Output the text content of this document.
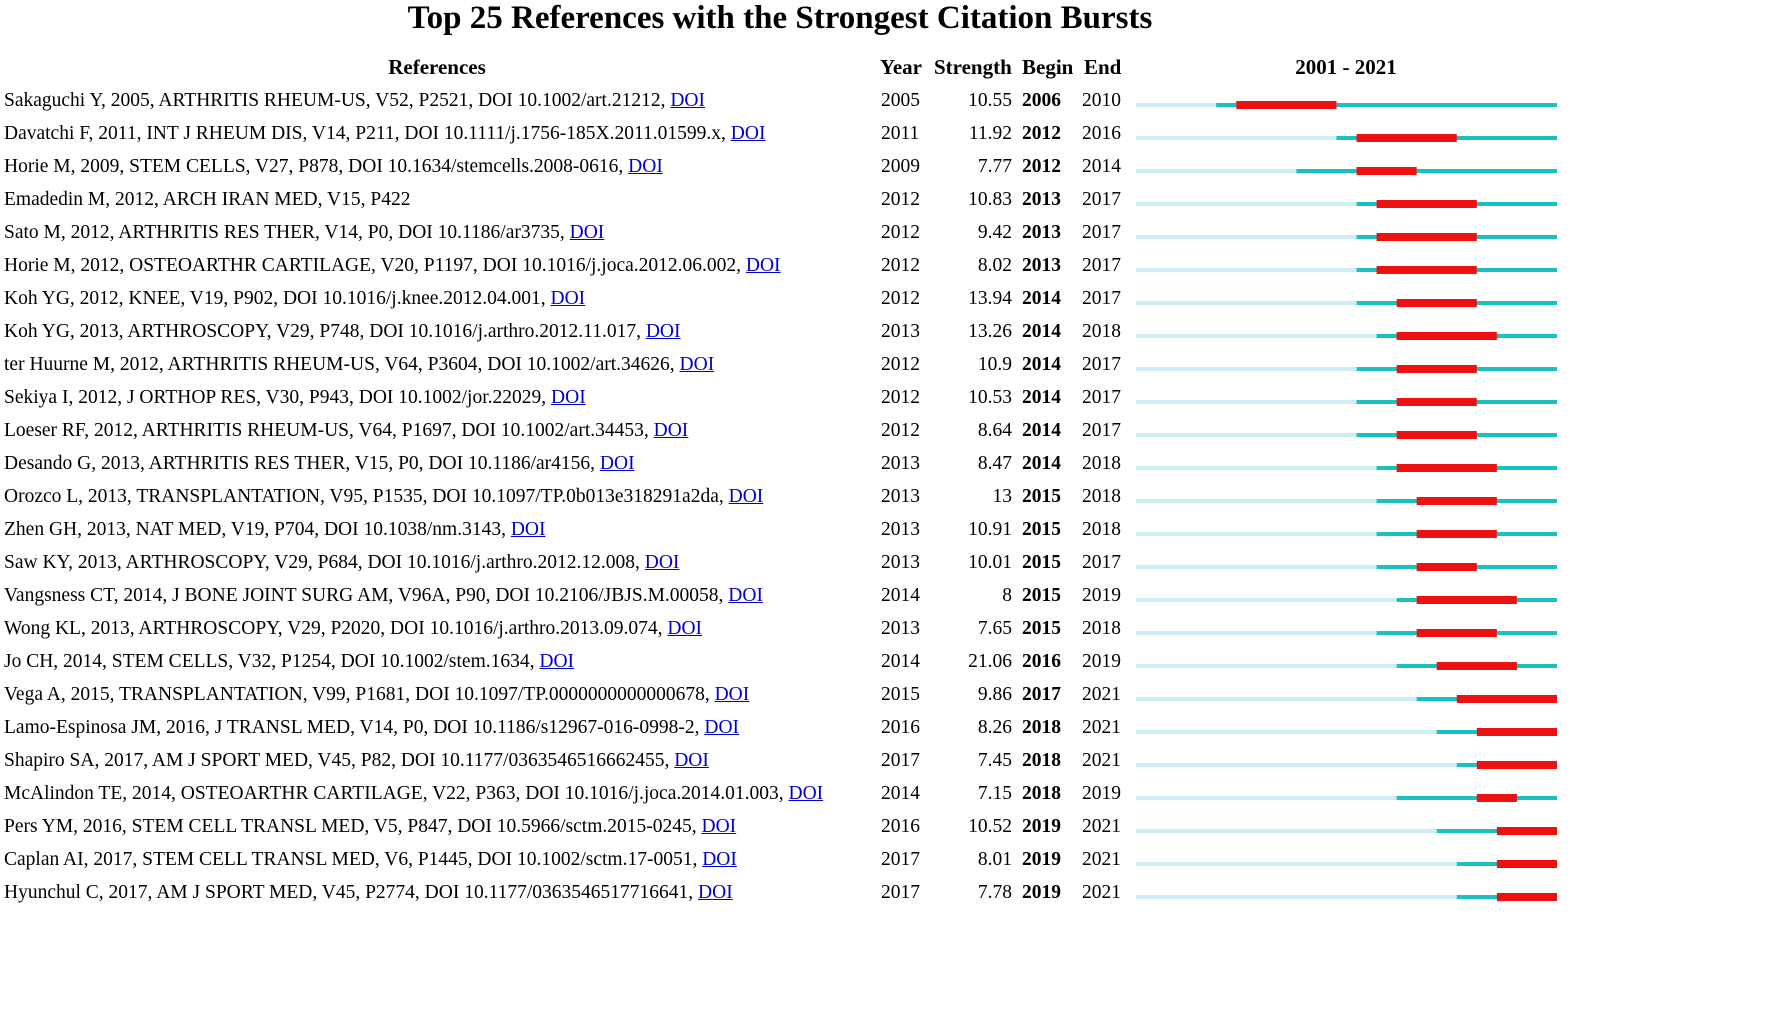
Top 25 References with the Strongest Citation Bursts
References	Year Strength Begin End	2001 - 2021
Sakaguchi Y, 2005, ARTHRITIS RHEUM-US, V52, P2521, DOI 10.1002/art.21212, DOI	2005	10.55 2006 2010
Davatchi F, 2011, INT J RHEUM DIS, V14, P211, DOI 10.1111/j.1756-185X.2011.01599.x, DOI	2011	11.92 2012 2016
Horie M, 2009, STEM CELLS, V27, P878, DOI 10.1634/stemcells.2008-0616, DOI	2009	7.77 2012 2014
Emadedin M, 2012, ARCH IRAN MED, V15, P422	2012	10.83 2013 2017
Sato M, 2012, ARTHRITIS RES THER, V14, P0, DOI 10.1186/ar3735, DOI	2012	9.42 2013 2017
Horie M, 2012, OSTEOARTHR CARTILAGE, V20, P1197, DOI 10.1016/j.joca.2012.06.002, DOI	2012	8.02 2013 2017
Koh YG, 2012, KNEE, V19, P902, DOI 10.1016/j.knee.2012.04.001, DOI	2012	13.94 2014 2017
Koh YG, 2013, ARTHROSCOPY, V29, P748, DOI 10.1016/j.arthro.2012.11.017, DOI	2013	13.26 2014 2018
ter Huurne M, 2012, ARTHRITIS RHEUM-US, V64, P3604, DOI 10.1002/art.34626, DOI	2012	10.9 2014 2017
Sekiya I, 2012, J ORTHOP RES, V30, P943, DOI 10.1002/jor.22029, DOI	2012	10.53 2014 2017
Loeser RF, 2012, ARTHRITIS RHEUM-US, V64, P1697, DOI 10.1002/art.34453, DOI	2012	8.64 2014 2017
Desando G, 2013, ARTHRITIS RES THER, V15, P0, DOI 10.1186/ar4156, DOI	2013	8.47 2014 2018
Orozco L, 2013, TRANSPLANTATION, V95, P1535, DOI 10.1097/TP.0b013e318291a2da, DOI	2013	13 2015 2018
Zhen GH, 2013, NAT MED, V19, P704, DOI 10.1038/nm.3143, DOI	2013	10.91 2015 2018
Saw KY, 2013, ARTHROSCOPY, V29, P684, DOI 10.1016/j.arthro.2012.12.008, DOI	2013	10.01 2015 2017
Vangsness CT, 2014, J BONE JOINT SURG AM, V96A, P90, DOI 10.2106/JBJS.M.00058, DOI	2014	8 2015 2019
Wong KL, 2013, ARTHROSCOPY, V29, P2020, DOI 10.1016/j.arthro.2013.09.074, DOI	2013	7.65 2015 2018
Jo CH, 2014, STEM CELLS, V32, P1254, DOI 10.1002/stem.1634, DOI	2014	21.06 2016 2019
Vega A, 2015, TRANSPLANTATION, V99, P1681, DOI 10.1097/TP.0000000000000678, DOI	2015	9.86 2017 2021
Lamo-Espinosa JM, 2016, J TRANSL MED, V14, P0, DOI 10.1186/s12967-016-0998-2, DOI	2016	8.26 2018 2021
Shapiro SA, 2017, AM J SPORT MED, V45, P82, DOI 10.1177/0363546516662455, DOI	2017	7.45 2018 2021
McAlindon TE, 2014, OSTEOARTHR CARTILAGE, V22, P363, DOI 10.1016/j.joca.2014.01.003, DOI	2014	7.15 2018 2019
Pers YM, 2016, STEM CELL TRANSL MED, V5, P847, DOI 10.5966/sctm.2015-0245, DOI	2016	10.52 2019 2021
Caplan AI, 2017, STEM CELL TRANSL MED, V6, P1445, DOI 10.1002/sctm.17-0051, DOI	2017	8.01 2019 2021
Hyunchul C, 2017, AM J SPORT MED, V45, P2774, DOI 10.1177/0363546517716641, DOI	2017	7.78 2019 2021
